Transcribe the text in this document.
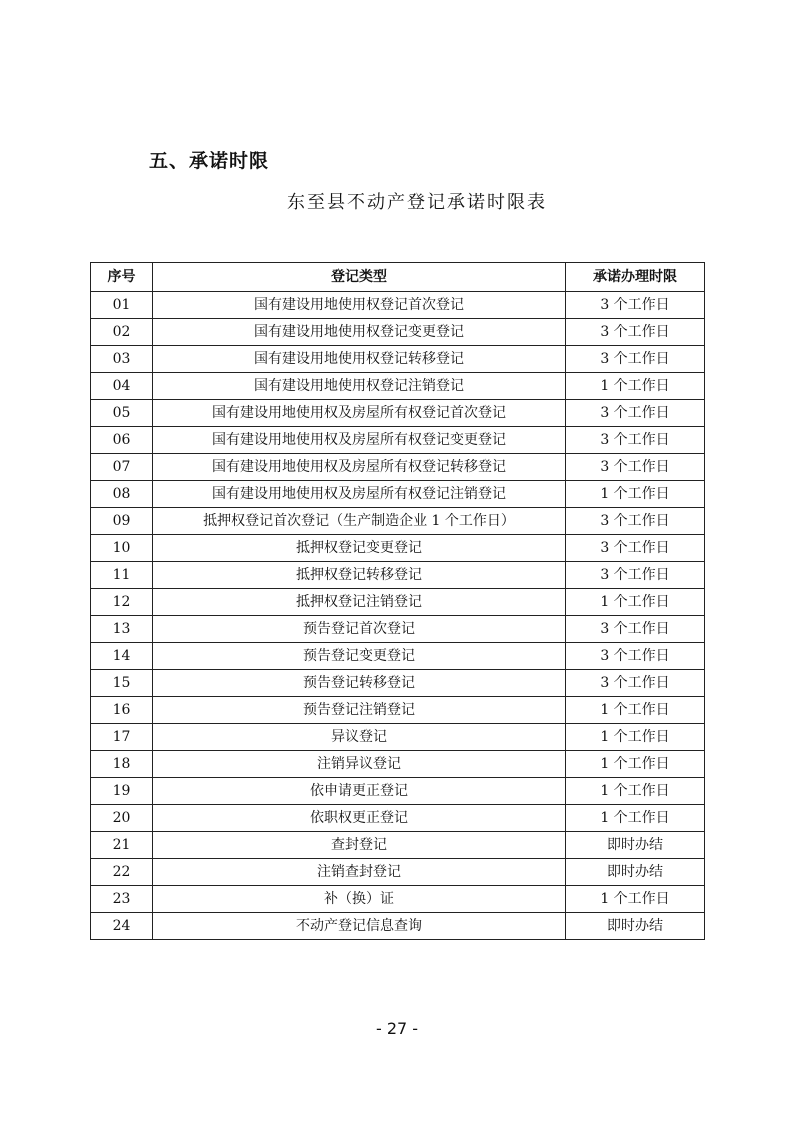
五、承诺时限
东至县不动产登记承诺时限表
序号	登记类型	承诺办理时限
01	国有建设用地使用权登记首次登记	3 个工作日
02	国有建设用地使用权登记变更登记	3 个工作日
03	国有建设用地使用权登记转移登记	3 个工作日
04	国有建设用地使用权登记注销登记	1 个工作日
05	国有建设用地使用权及房屋所有权登记首次登记	3 个工作日
06	国有建设用地使用权及房屋所有权登记变更登记	3 个工作日
07	国有建设用地使用权及房屋所有权登记转移登记	3 个工作日
08	国有建设用地使用权及房屋所有权登记注销登记	1 个工作日
09	抵押权登记首次登记（生产制造企业 1 个工作日）	3 个工作日
10	抵押权登记变更登记	3 个工作日
11	抵押权登记转移登记	3 个工作日
12	抵押权登记注销登记	1 个工作日
13	预告登记首次登记	3 个工作日
14	预告登记变更登记	3 个工作日
15	预告登记转移登记	3 个工作日
16	预告登记注销登记	1 个工作日
17	异议登记	1 个工作日
18	注销异议登记	1 个工作日
19	依申请更正登记	1 个工作日
20	依职权更正登记	1 个工作日
21	查封登记	即时办结
22	注销查封登记	即时办结
23	补（换）证	1 个工作日
24	不动产登记信息查询	即时办结
- 27 -
